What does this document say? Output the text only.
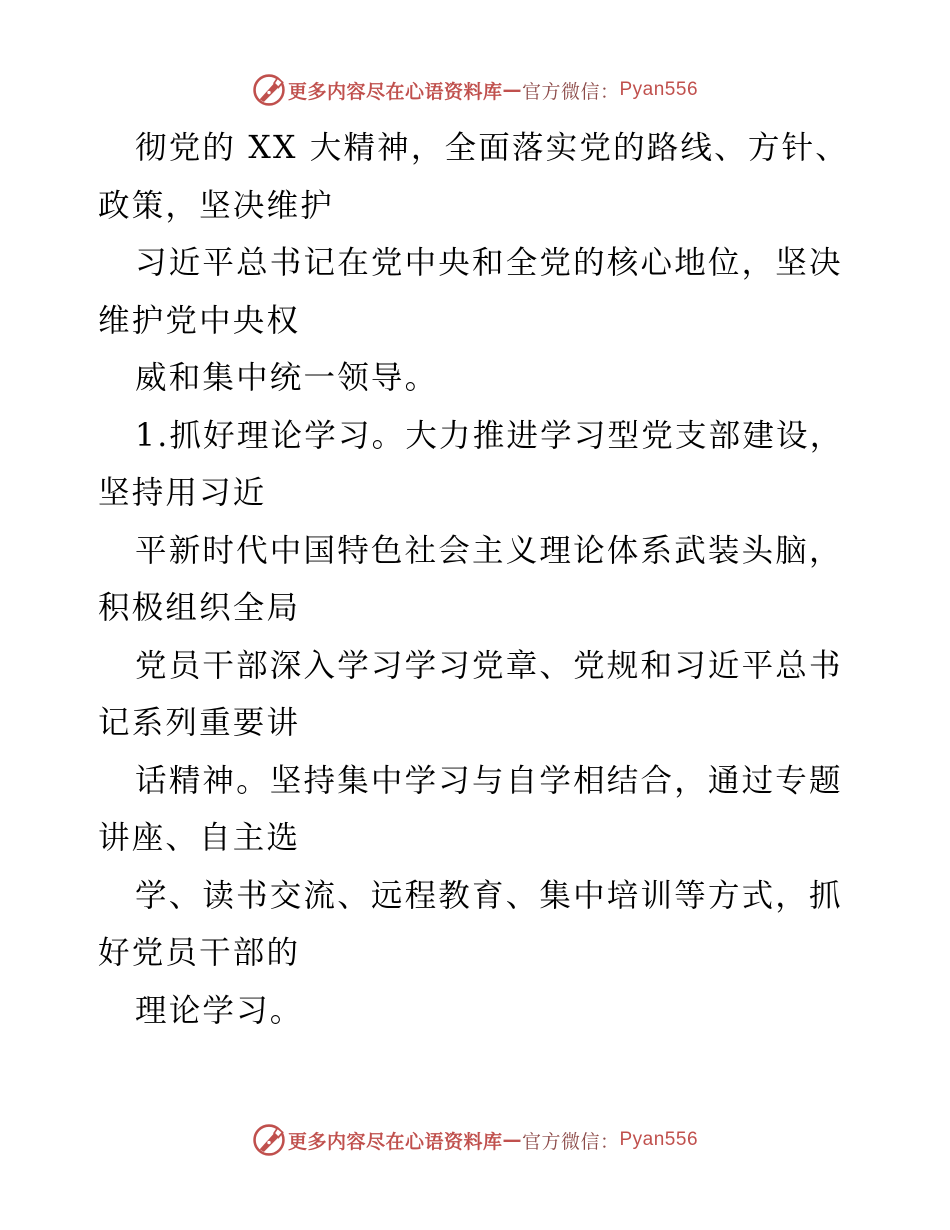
更多内容尽在心语资料库 — 官方微信： Pyan556
彻党的 XX 大精神，全面落实党的路线、方针、
政策，坚决维护
习近平总书记在党中央和全党的核心地位，坚决
维护党中央权
威和集中统一领导。
1.抓好理论学习。大力推进学习型党支部建设，
坚持用习近
平新时代中国特色社会主义理论体系武装头脑，
积极组织全局
党员干部深入学习学习党章、党规和习近平总书
记系列重要讲
话精神。坚持集中学习与自学相结合，通过专题
讲座、自主选
学、读书交流、远程教育、集中培训等方式，抓
好党员干部的
理论学习。
更多内容尽在心语资料库 — 官方微信： Pyan556
